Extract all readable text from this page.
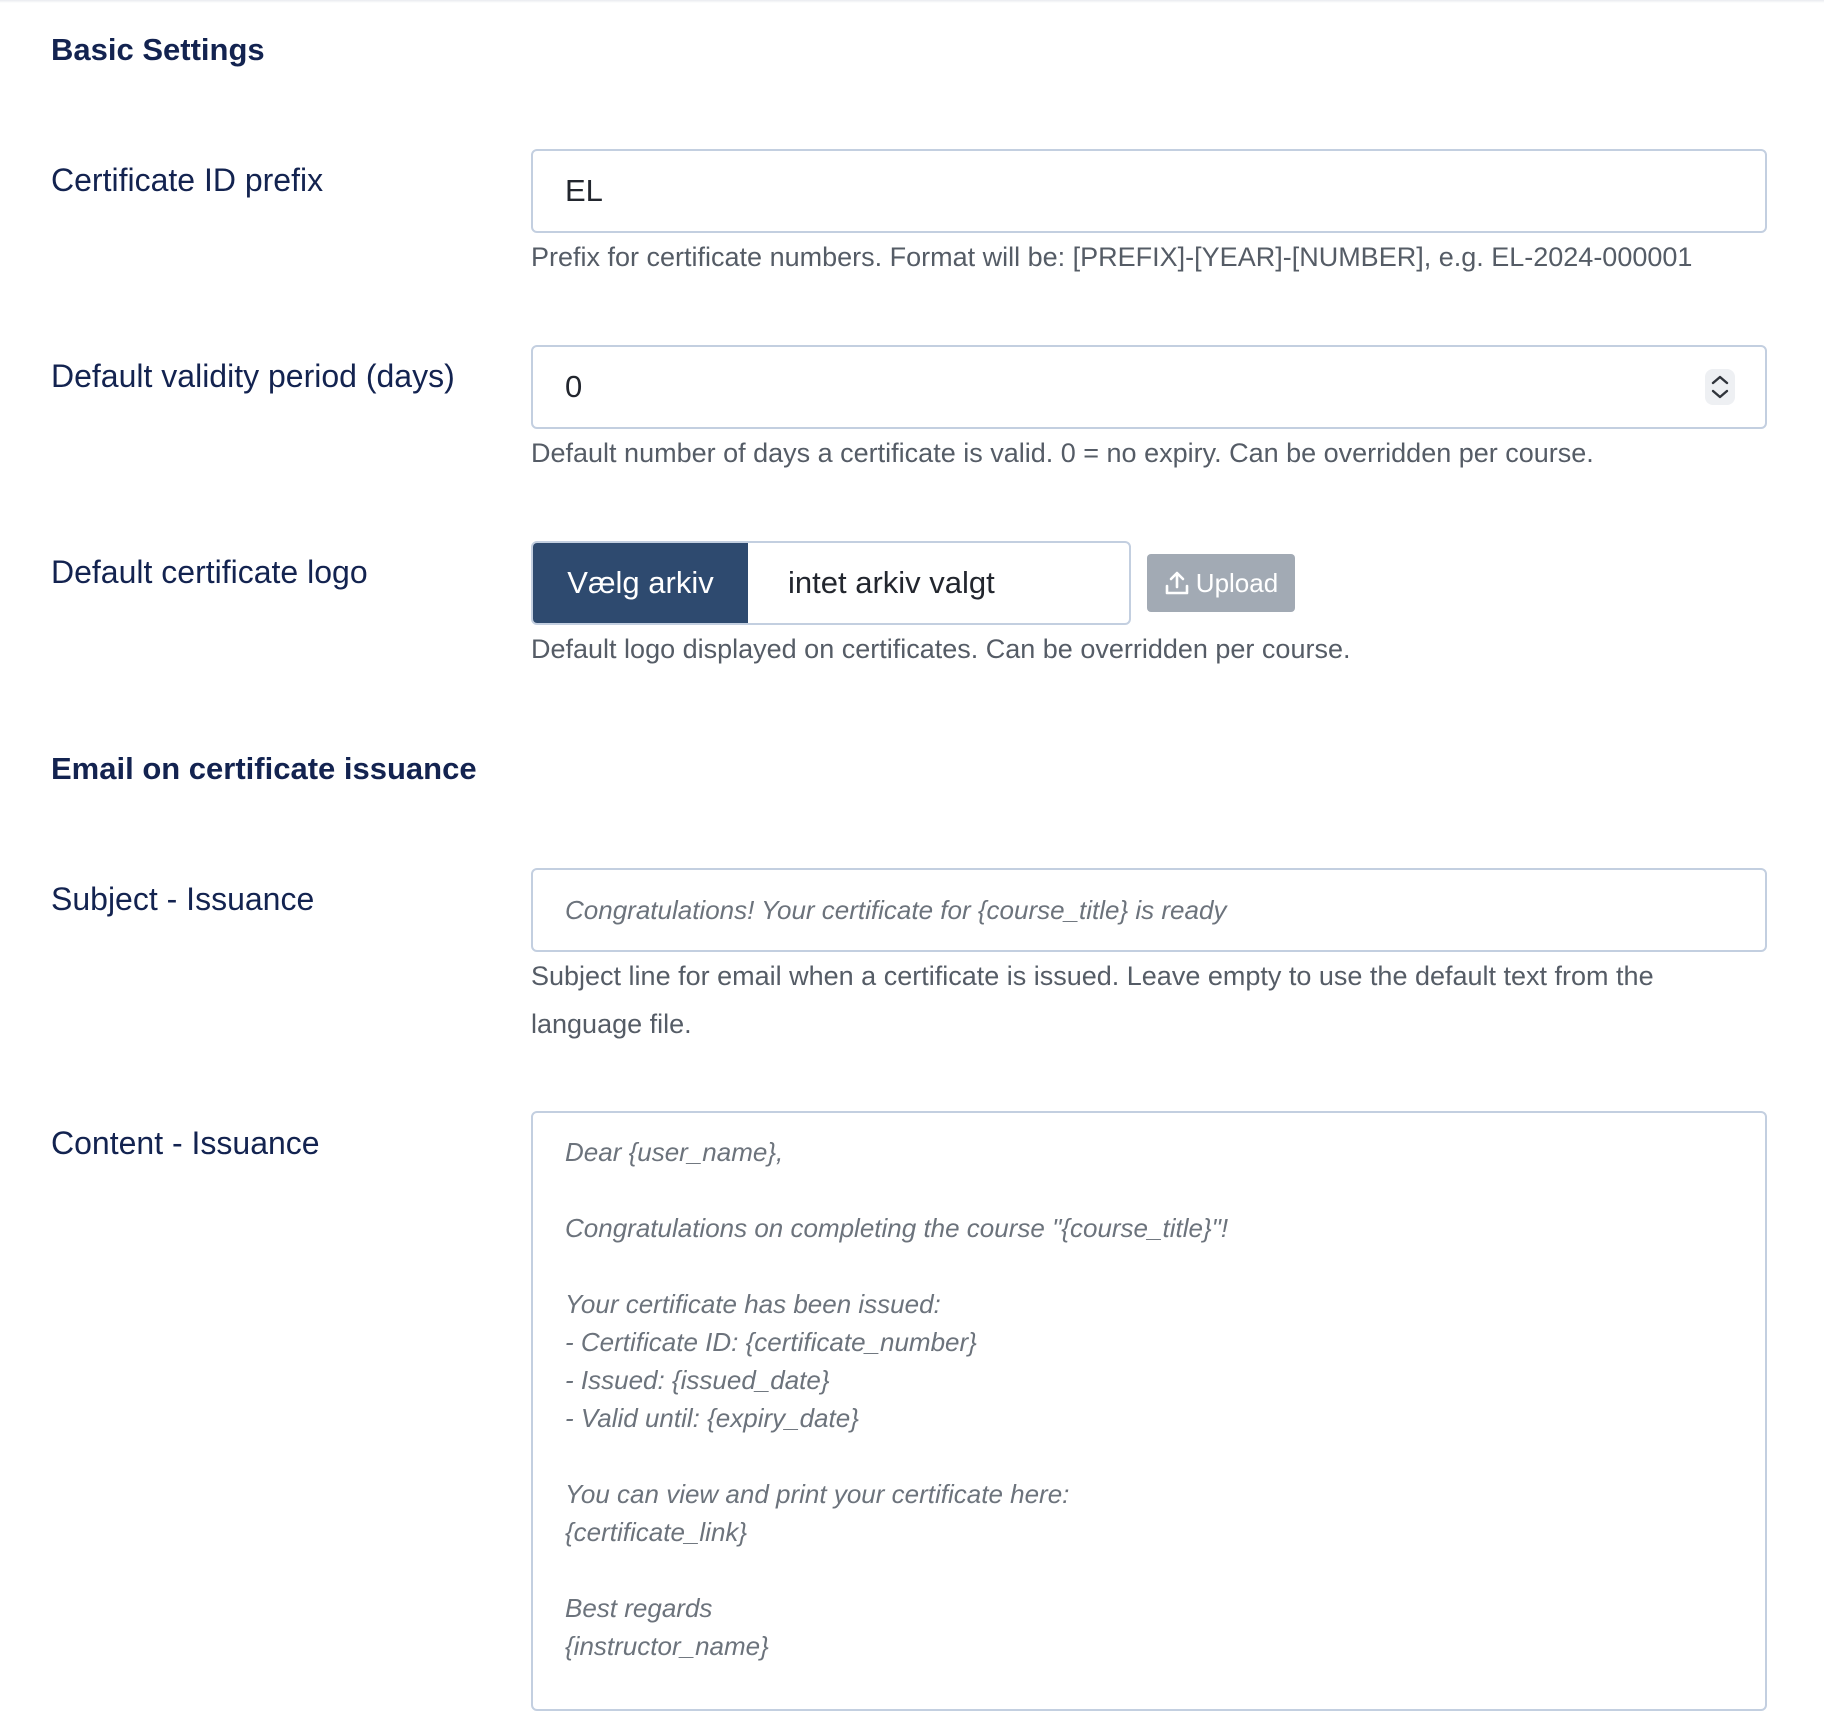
Basic Settings
Certificate ID prefix	EL

Prefix for certificate numbers. Format will be: [PREFIX]-[YEAR]-[NUMBER], e.g. EL-2024-000001

Default validity period (days)	0

Default number of days a certificate is valid. 0 = no expiry. Can be overridden per course.

Default certificate logo	Vælg arkiv	intet arkiv valgt	Upload

Default logo displayed on certificates. Can be overridden per course.

Email on certificate issuance
Subject - Issuance	Congratulations! Your certificate for {course_title} is ready

Subject line for email when a certificate is issued. Leave empty to use the default text from the language file.

Content - Issuance	Dear {user_name},

Congratulations on completing the course "{course_title}"!

Your certificate has been issued:
- Certificate ID: {certificate_number}
- Issued: {issued_date}
- Valid until: {expiry_date}

You can view and print your certificate here:
{certificate_link}

Best regards
{instructor_name}
